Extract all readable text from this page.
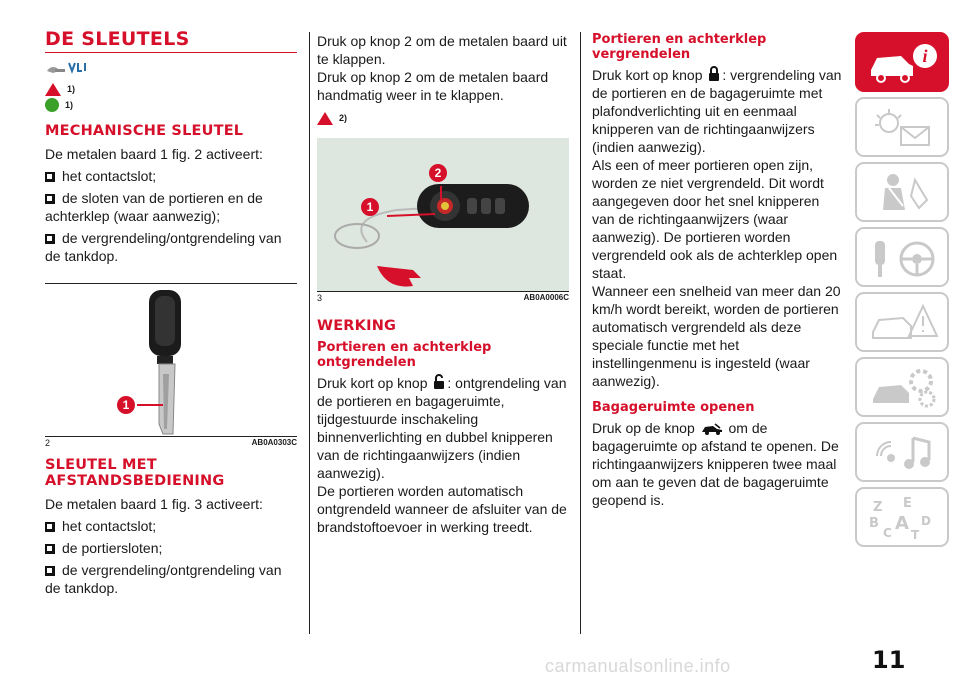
DE SLEUTELS
1)
1)
MECHANISCHE SLEUTEL

De metalen baard 1 fig. 2 activeert:

het contactslot;
de sloten van de portieren en de achterklep (waar aanwezig);
de vergrendeling/ontgrendeling van de tankdop.
1
2	AB0A0303C
SLEUTEL MET AFSTANDSBEDIENING

De metalen baard 1 fig. 3 activeert:

het contactslot;
de portiersloten;
de vergrendeling/ontgrendeling van de tankdop.

Druk op knop 2 om de metalen baard uit te klappen.

Druk op knop 2 om de metalen baard handmatig weer in te klappen.

2)
1
2
3	AB0A0006C
WERKING
Portieren en achterklep ontgrendelen

Druk kort op knop : ontgrendeling van de portieren en bagageruimte, tijdgestuurde inschakeling binnenverlichting en dubbel knipperen van de richtingaanwijzers (indien aanwezig).

De portieren worden automatisch ontgrendeld wanneer de afsluiter van de brandstoftoevoer in werking treedt.

Portieren en achterklep vergrendelen

Druk kort op knop : vergrendeling van de portieren en de bagageruimte met plafondverlichting uit en eenmaal knipperen van de richtingaanwijzers (indien aanwezig).

Als een of meer portieren open zijn, worden ze niet vergrendeld. Dit wordt aangegeven door het snel knipperen van de richtingaanwijzers (waar aanwezig). De portieren worden vergrendeld ook als de achterklep open staat.

Wanneer een snelheid van meer dan 20 km/h wordt bereikt, worden de portieren automatisch vergrendeld als deze speciale functie met het instellingenmenu is ingesteld (waar aanwezig).

Bagageruimte openen

Druk op de knop om de bagageruimte op afstand te openen. De richtingaanwijzers knipperen twee maal om aan te geven dat de bagageruimte geopend is.

i
Z E
B A
C T
D
11
carmanualsonline.info
